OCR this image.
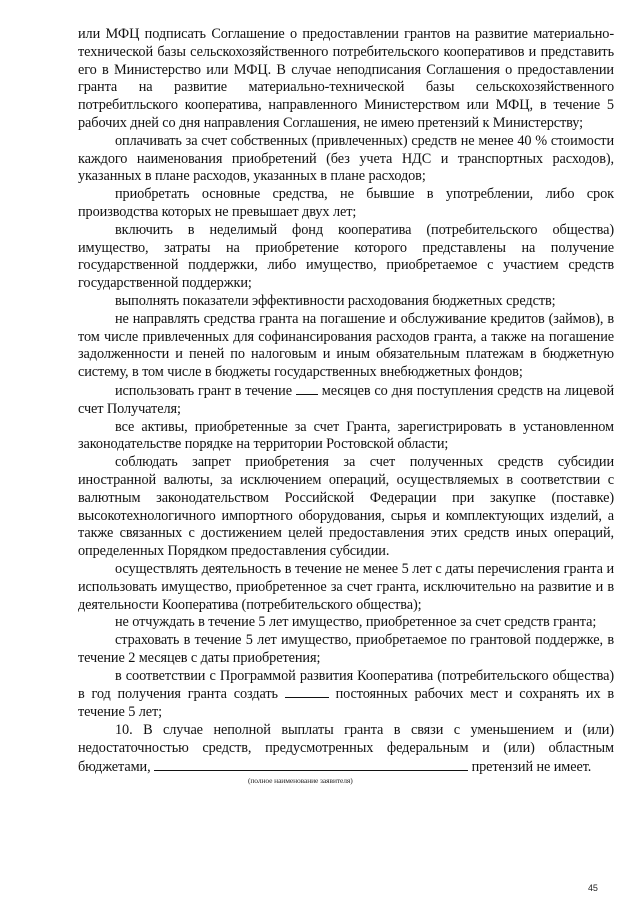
или МФЦ подписать Соглашение о предоставлении грантов на развитие материально-технической базы сельскохозяйственного потребительского кооперативов и представить его в Министерство или МФЦ. В случае неподписания Соглашения о предоставлении гранта на развитие материально-технической базы сельскохозяйственного потребитльского кооператива, направленного Министерством или МФЦ, в течение 5 рабочих дней со дня направления Соглашения, не имею претензий к Министерству;

оплачивать за счет собственных (привлеченных) средств не менее 40 % стоимости каждого наименования приобретений (без учета НДС и транспортных расходов), указанных в плане расходов, указанных в плане расходов;

приобретать основные средства, не бывшие в употреблении, либо срок производства которых не превышает двух лет;

включить в неделимый фонд кооператива (потребительского общества) имущество, затраты на приобретение которого представлены на получение государственной поддержки, либо имущество, приобретаемое с участием средств государственной поддержки;

выполнять показатели эффективности расходования бюджетных средств;

не направлять средства гранта на погашение и обслуживание кредитов (займов), в том числе привлеченных для софинансирования расходов гранта, а также на погашение задолженности и пеней по налоговым и иным обязательным платежам в бюджетную систему, в том числе в бюджеты государственных внебюджетных фондов;

использовать грант в течение месяцев со дня поступления средств на лицевой счет Получателя;

все активы, приобретенные за счет Гранта, зарегистрировать в установленном законодательстве порядке на территории Ростовской области;

соблюдать запрет приобретения за счет полученных средств субсидии иностранной валюты, за исключением операций, осуществляемых в соответствии с валютным законодательством Российской Федерации при закупке (поставке) высокотехнологичного импортного оборудования, сырья и комплектующих изделий, а также связанных с достижением целей предоставления этих средств иных операций, определенных Порядком предоставления субсидии.

осуществлять деятельность в течение не менее 5 лет с даты перечисления гранта и использовать имущество, приобретенное за счет гранта, исключительно на развитие и в деятельности Кооператива (потребительского общества);

не отчуждать в течение 5 лет имущество, приобретенное за счет средств гранта;

страховать в течение 5 лет имущество, приобретаемое по грантовой поддержке, в течение 2 месяцев с даты приобретения;

в соответствии с Программой развития Кооператива (потребительского общества) в год получения гранта создать	постоянных рабочих мест и сохранять их в течение 5 лет;

10. В случае неполной выплаты гранта в связи с уменьшением и (или) недостаточностью средств, предусмотренных федеральным и (или) областным бюджетами,	претензий не имеет.

(полное наименование заявителя)

45
